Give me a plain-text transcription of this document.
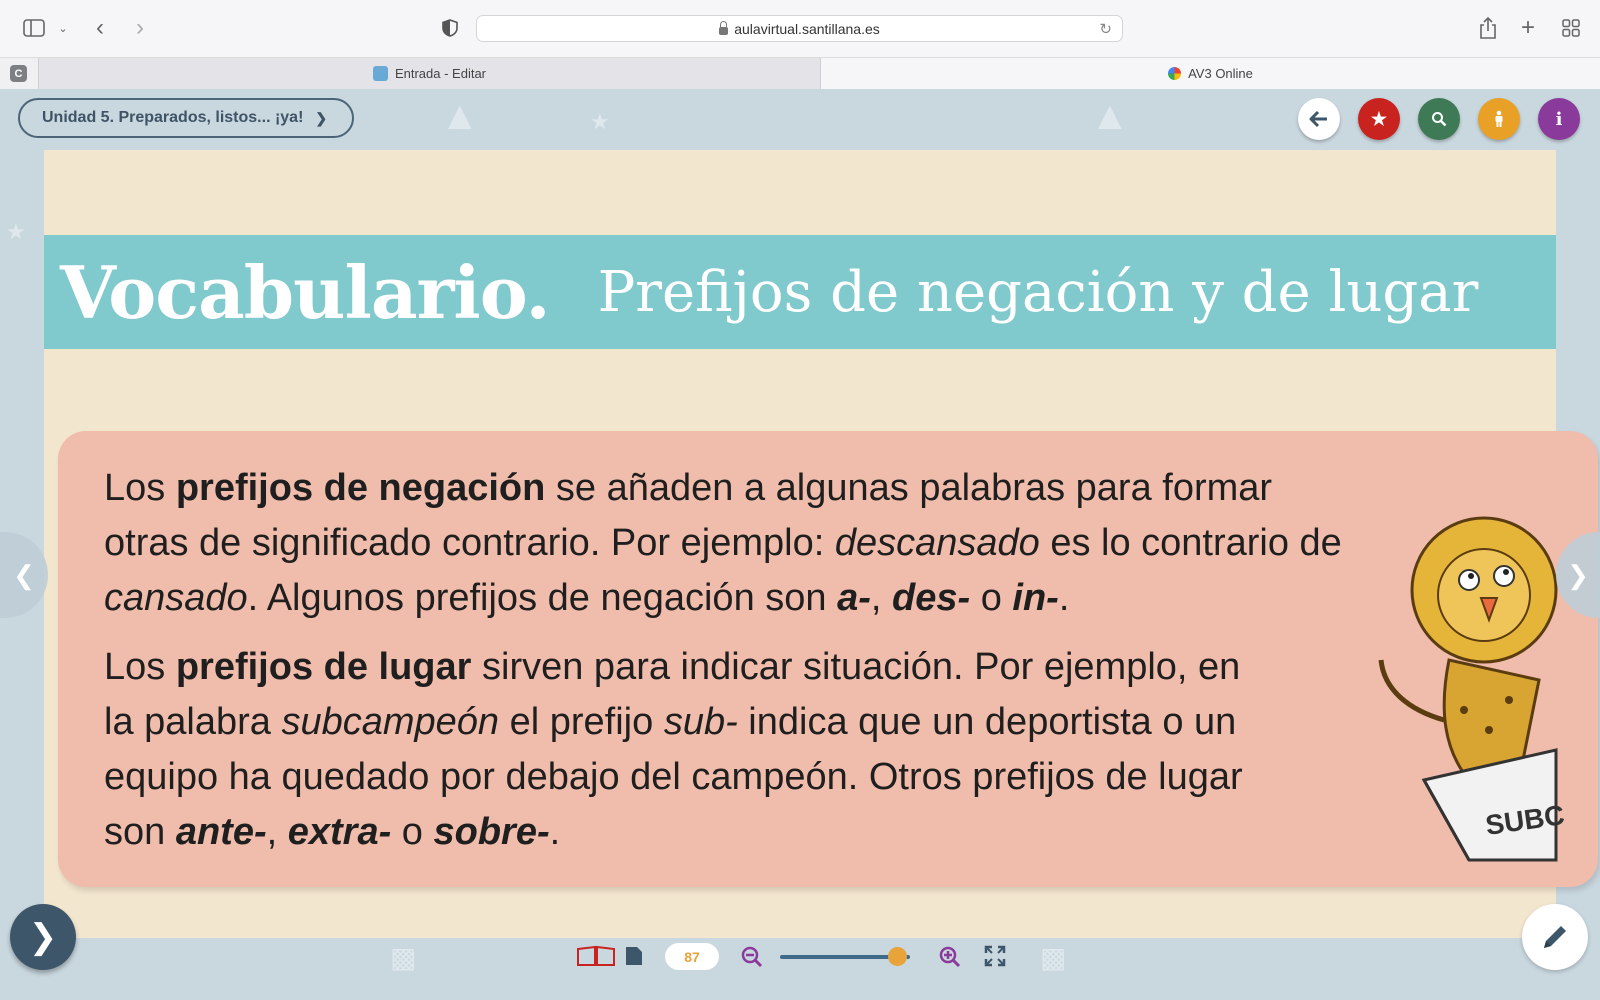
⌄ ‹ ›	aulavirtual.santillana.es	↻	+
C	Entrada - Editar	AV3 Online
▲	★	▲
★
▩
▩
Unidad 5. Preparados, listos... ¡ya! ❯	★	i
Vocabulario. Prefijos de negación y de lugar
Los prefijos de negación se añaden a algunas palabras para formar otras de significado contrario. Por ejemplo: descansado es lo contrario de cansado. Algunos prefijos de negación son a-, des- o in-.
Los prefijos de lugar sirven para indicar situación. Por ejemplo, en la palabra subcampeón el prefijo sub- indica que un deportista o un equipo ha quedado por debajo del campeón. Otros prefijos de lugar son ante-, extra- o sobre-.	SUBC
❮	❯
❯
87
